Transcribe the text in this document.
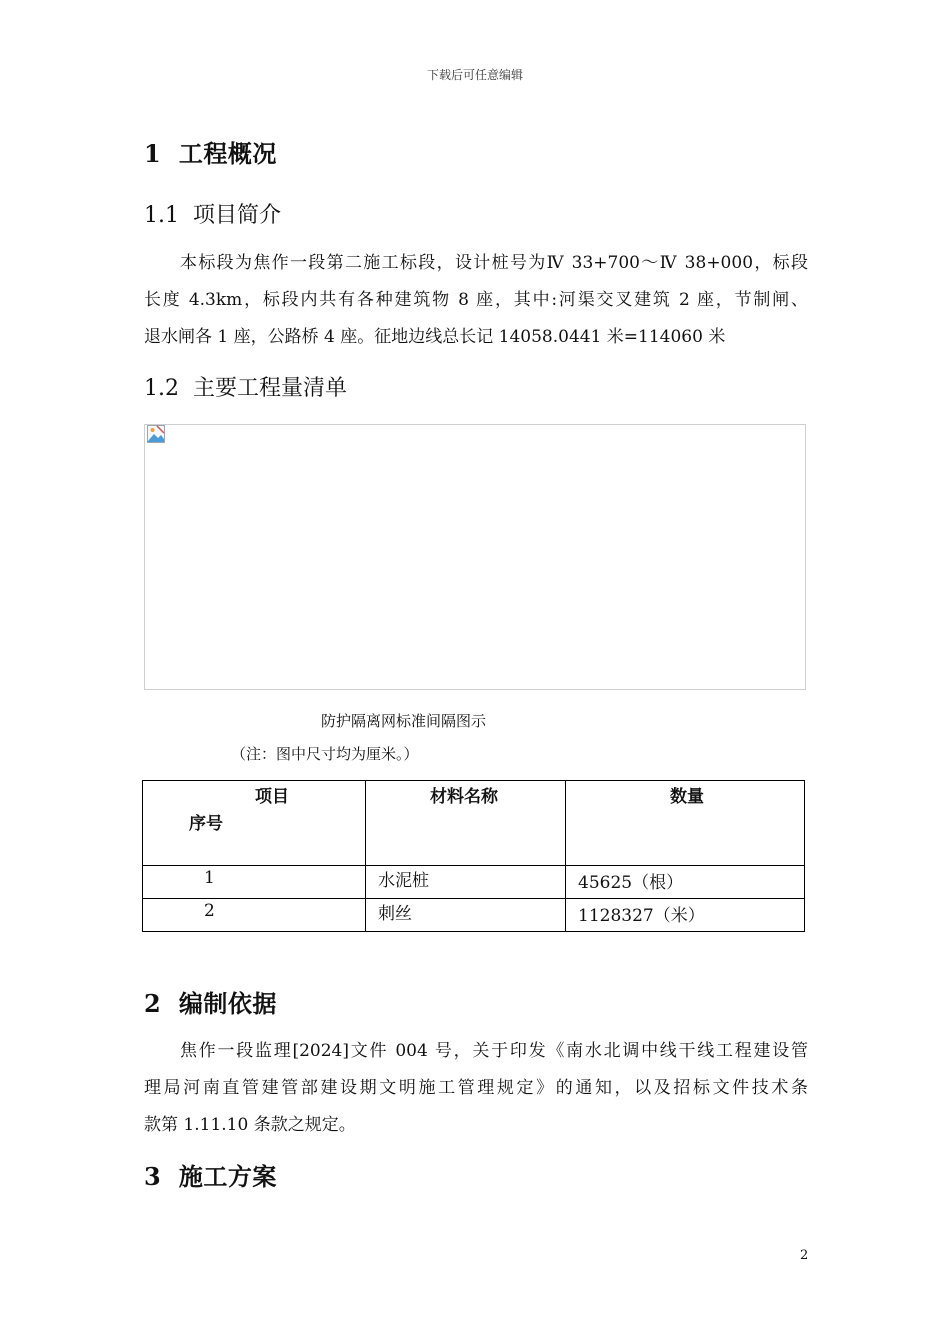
下载后可任意编辑
1 工程概况
1.1 项目简介
本标段为焦作一段第二施工标段，设计桩号为Ⅳ 33+700～Ⅳ 38+000，标段
长度 4.3km，标段内共有各种建筑物 8 座，其中:河渠交叉建筑 2 座，节制闸、
退水闸各 1 座，公路桥 4 座。征地边线总长记 14058.0441 米=114060 米
1.2 主要工程量清单
防护隔离网标准间隔图示
（注：图中尺寸均为厘米。）
项目
序号	材料名称	数量
1	水泥桩	45625（根）
2	刺丝	1128327（米）
2 编制依据
焦作一段监理[2024]文件 004 号，关于印发《南水北调中线干线工程建设管
理局河南直管建管部建设期文明施工管理规定》的通知，以及招标文件技术条
款第 1.11.10 条款之规定。
3 施工方案
2
